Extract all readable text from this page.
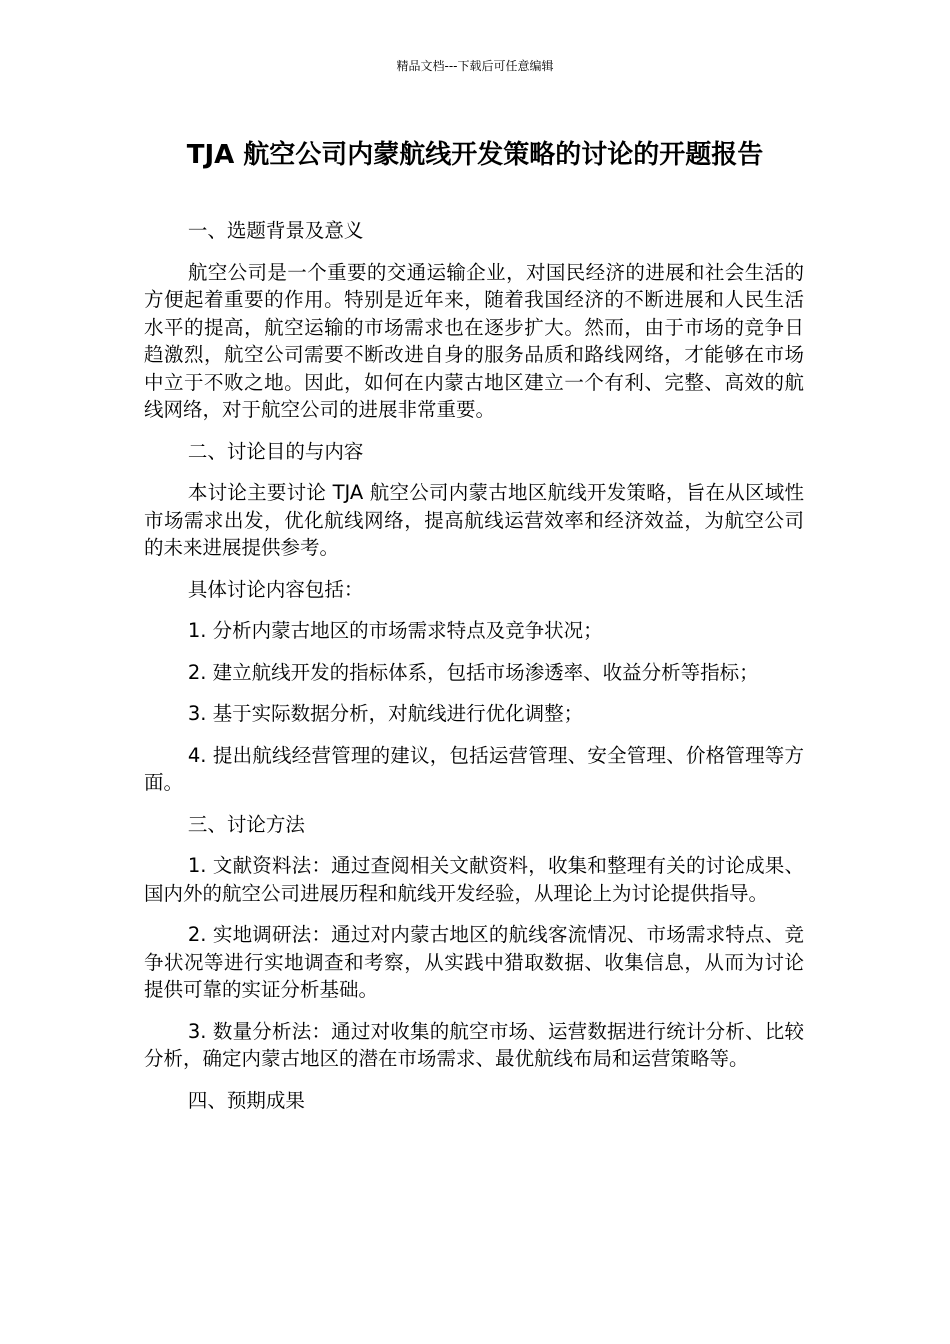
精品文档---下载后可任意编辑
TJA 航空公司内蒙航线开发策略的讨论的开题报告

一、选题背景及意义

航空公司是一个重要的交通运输企业，对国民经济的进展和社会生活的方便起着重要的作用。特别是近年来，随着我国经济的不断进展和人民生活水平的提高，航空运输的市场需求也在逐步扩大。然而，由于市场的竞争日趋激烈，航空公司需要不断改进自身的服务品质和路线网络，才能够在市场中立于不败之地。因此，如何在内蒙古地区建立一个有利、完整、高效的航线网络，对于航空公司的进展非常重要。

二、讨论目的与内容

本讨论主要讨论 TJA 航空公司内蒙古地区航线开发策略，旨在从区域性市场需求出发，优化航线网络，提高航线运营效率和经济效益，为航空公司的未来进展提供参考。

具体讨论内容包括：

1. 分析内蒙古地区的市场需求特点及竞争状况；

2. 建立航线开发的指标体系，包括市场渗透率、收益分析等指标；

3. 基于实际数据分析，对航线进行优化调整；

4. 提出航线经营管理的建议，包括运营管理、安全管理、价格管理等方面。

三、讨论方法

1. 文献资料法：通过查阅相关文献资料，收集和整理有关的讨论成果、国内外的航空公司进展历程和航线开发经验，从理论上为讨论提供指导。

2. 实地调研法：通过对内蒙古地区的航线客流情况、市场需求特点、竞争状况等进行实地调查和考察，从实践中猎取数据、收集信息，从而为讨论提供可靠的实证分析基础。

3. 数量分析法：通过对收集的航空市场、运营数据进行统计分析、比较分析，确定内蒙古地区的潜在市场需求、最优航线布局和运营策略等。

四、预期成果
